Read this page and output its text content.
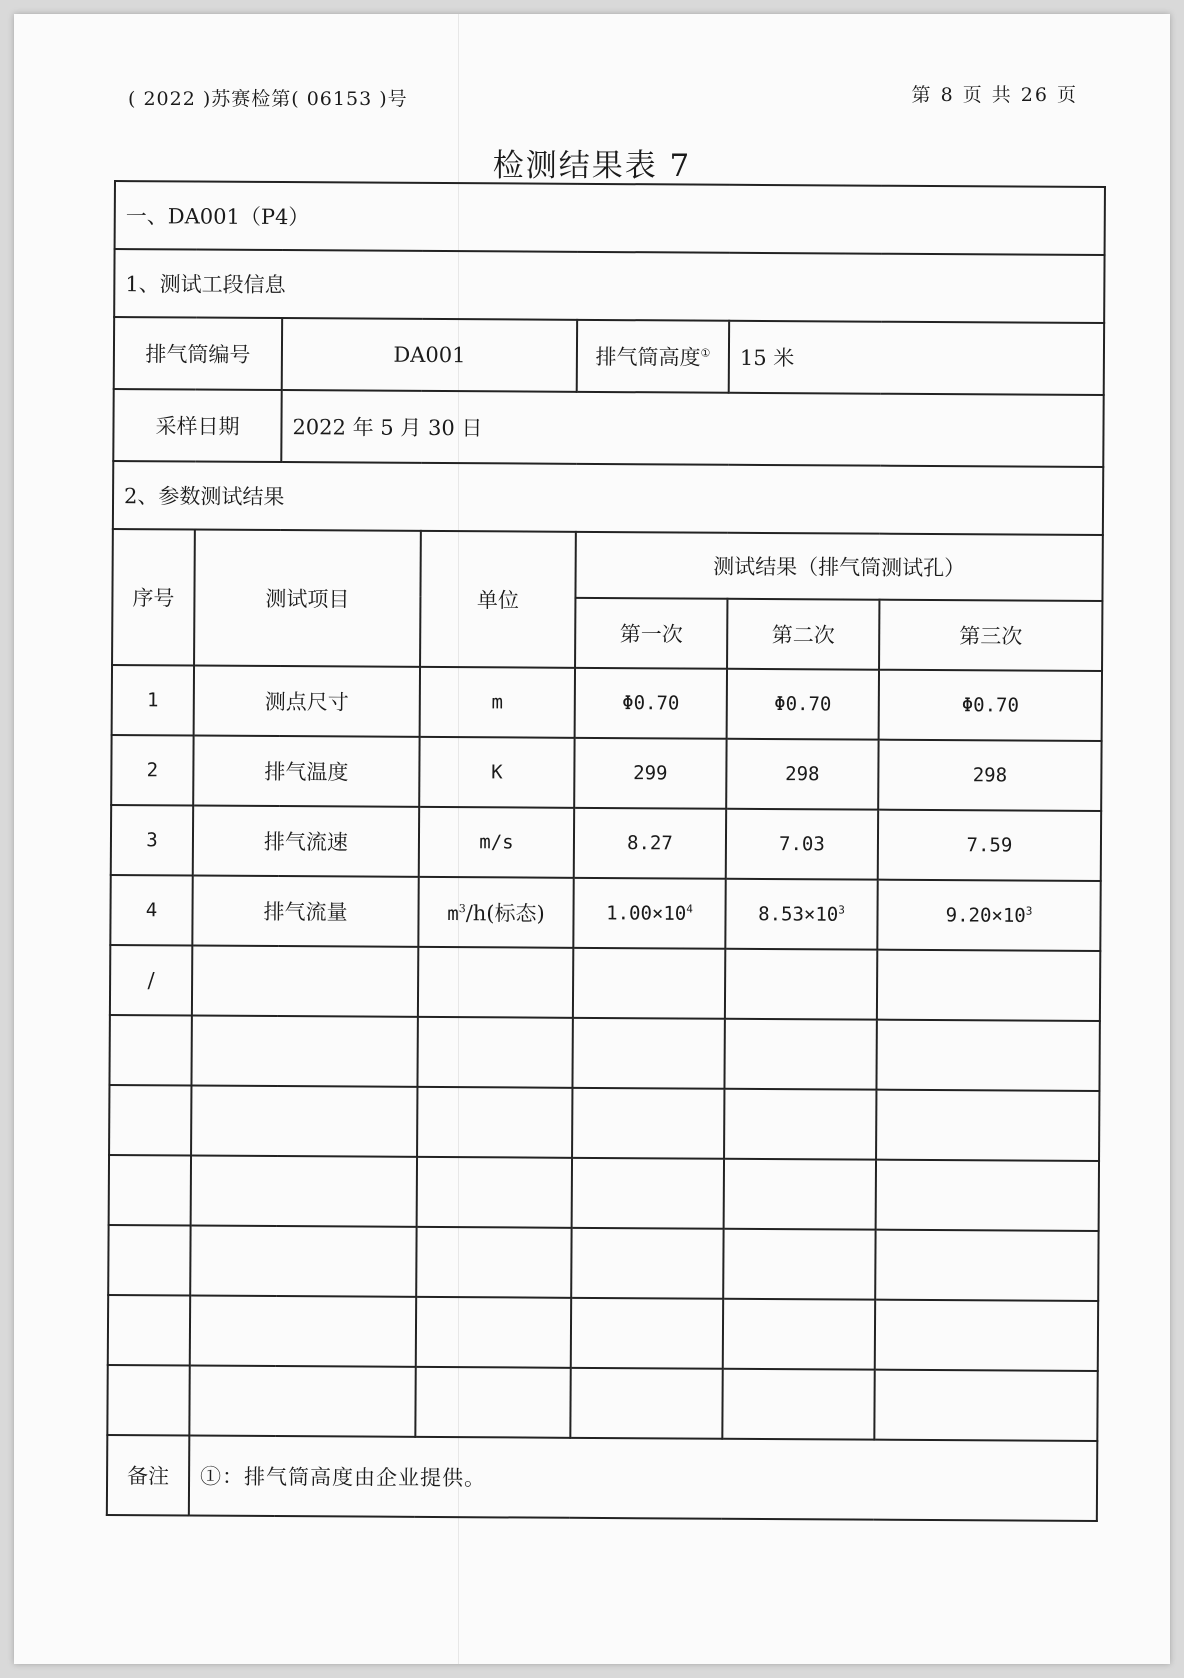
( 2022 )苏赛检第( 06153 )号	第 8 页 共 26 页
检测结果表 7
一、DA001（P4）						
1、测试工段信息						
排气筒编号		DA001		排气筒高度①	15 米	
采样日期		2022 年 5 月 30 日				
2、参数测试结果						
序号	测试项目		单位	测试结果（排气筒测试孔）		
				第一次	第二次	第三次
1	测点尺寸		m	Φ0.70	Φ0.70	Φ0.70
2	排气温度		K	299	298	298
3	排气流速		m/s	8.27	7.03	7.59
4	排气流量		$m^3/h$(标态)	$1.00\times 10^4$	$8.53\times 10^3$	$9.20\times 10^3$
/						

备注	①：排气筒高度由企业提供。					
